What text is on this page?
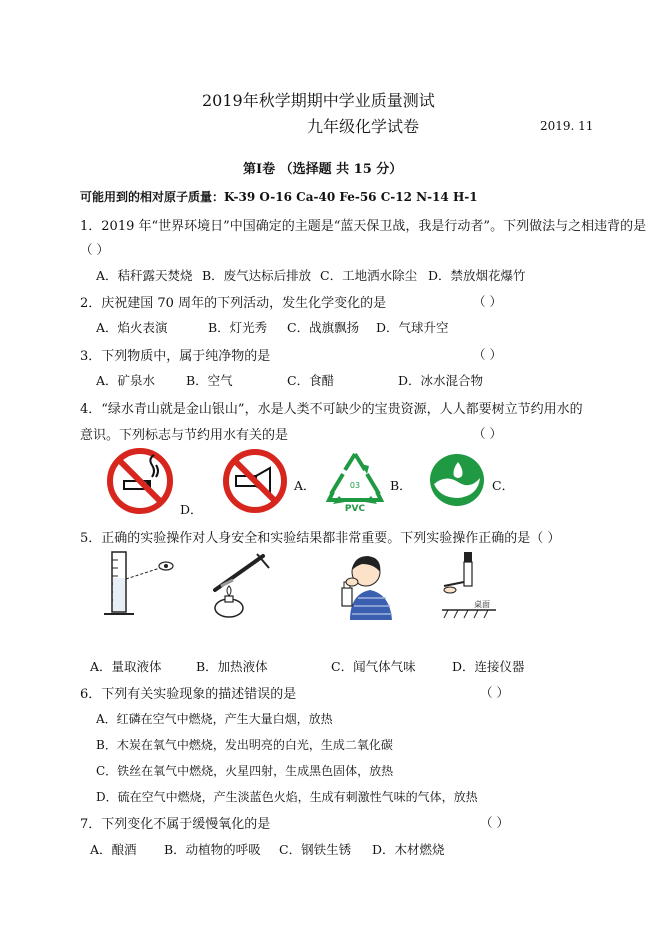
2019年秋学期期中学业质量测试
九年级化学试卷	2019. 11
第Ⅰ卷 （选择题 共 15 分）
可能用到的相对原子质量：K-39 O-16 Ca-40 Fe-56 C-12 N-14 H-1
1．2019 年“世界环境日”中国确定的主题是“蓝天保卫战，我是行动者”。下列做法与之相违背的是
（ ）
A．秸秆露天焚烧 B．废气达标后排放 C．工地洒水除尘 D．禁放烟花爆竹
2．庆祝建国 70 周年的下列活动，发生化学变化的是	（ ）
A．焰火表演	B．灯光秀 C．战旗飘扬 D．气球升空
3．下列物质中，属于纯净物的是	（ ）
A．矿泉水 B．空气	C．食醋	D．冰水混合物
4．“绿水青山就是金山银山”，水是人类不可缺少的宝贵资源，人人都要树立节约用水的
意识。下列标志与节约用水有关的是	（ ）
D．
A．	03
PVC
B．	C．
5．正确的实验操作对人身安全和实验结果都非常重要。下列实验操作正确的是（ ）
桌面
A．量取液体	B．加热液体	C．闻气体气味	D．连接仪器
6．下列有关实验现象的描述错误的是	（ ）
A．红磷在空气中燃烧，产生大量白烟，放热
B．木炭在氧气中燃烧，发出明亮的白光，生成二氧化碳
C．铁丝在氧气中燃烧，火星四射，生成黑色固体，放热
D．硫在空气中燃烧，产生淡蓝色火焰，生成有刺激性气味的气体，放热
7．下列变化不属于缓慢氧化的是	（ ）
A．酿酒 B．动植物的呼吸 C．钢铁生锈 D．木材燃烧
